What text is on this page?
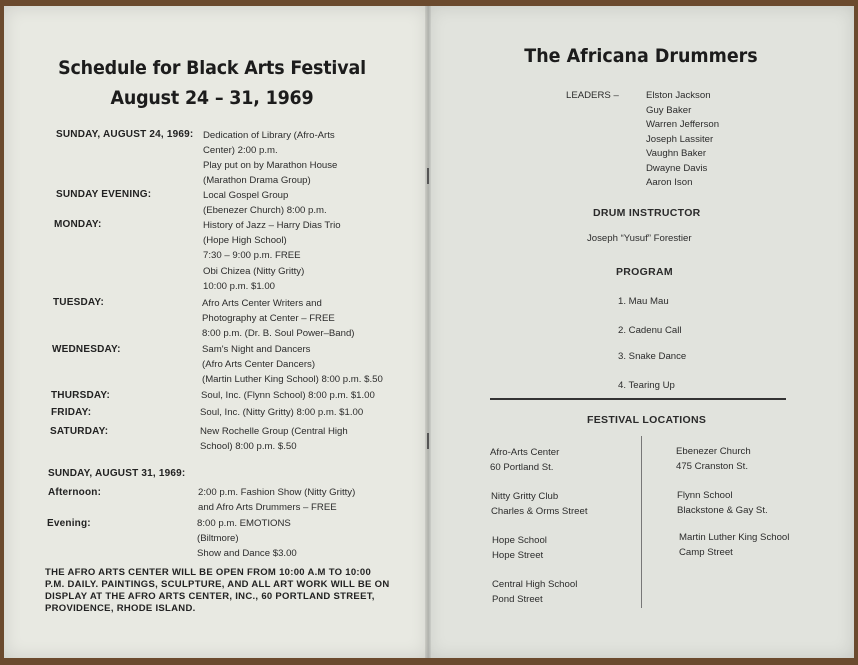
Schedule for Black Arts Festival
August 24 – 31, 1969
SUNDAY, AUGUST 24, 1969: Dedication of Library (Afro-Arts
Center) 2:00 p.m.
Play put on by Marathon House
(Marathon Drama Group)
SUNDAY EVENING:	Local Gospel Group
(Ebenezer Church) 8:00 p.m.
MONDAY:	History of Jazz – Harry Dias Trio
(Hope High School)
7:30 – 9:00 p.m. FREE
Obi Chizea (Nitty Gritty)
10:00 p.m. $1.00
TUESDAY:	Afro Arts Center Writers and
Photography at Center – FREE
8:00 p.m. (Dr. B. Soul Power–Band)
WEDNESDAY:	Sam's Night and Dancers
(Afro Arts Center Dancers)
(Martin Luther King School) 8:00 p.m. $.50
THURSDAY:	Soul, Inc. (Flynn School) 8:00 p.m. $1.00
FRIDAY:	Soul, Inc. (Nitty Gritty) 8:00 p.m. $1.00
SATURDAY:	New Rochelle Group (Central High
School) 8:00 p.m. $.50
SUNDAY, AUGUST 31, 1969:
Afternoon:	2:00 p.m. Fashion Show (Nitty Gritty)
and Afro Arts Drummers – FREE
Evening:	8:00 p.m. EMOTIONS
(Biltmore)
Show and Dance $3.00
THE AFRO ARTS CENTER WILL BE OPEN FROM 10:00 A.M TO 10:00 P.M. DAILY. PAINTINGS, SCULPTURE, AND ALL ART WORK WILL BE ON DISPLAY AT THE AFRO ARTS CENTER, INC., 60 PORTLAND STREET, PROVIDENCE, RHODE ISLAND.
The Africana Drummers
LEADERS –	Elston Jackson
Guy Baker
Warren Jefferson
Joseph Lassiter
Vaughn Baker
Dwayne Davis
Aaron Ison
DRUM INSTRUCTOR
Joseph “Yusuf” Forestier
PROGRAM
1. Mau Mau
2. Cadenu Call
3. Snake Dance
4. Tearing Up
FESTIVAL LOCATIONS
Afro-Arts Center
60 Portland St.
Nitty Gritty Club
Charles & Orms Street
Hope School
Hope Street
Central High School
Pond Street
Ebenezer Church
475 Cranston St.
Flynn School
Blackstone & Gay St.
Martin Luther King School
Camp Street
